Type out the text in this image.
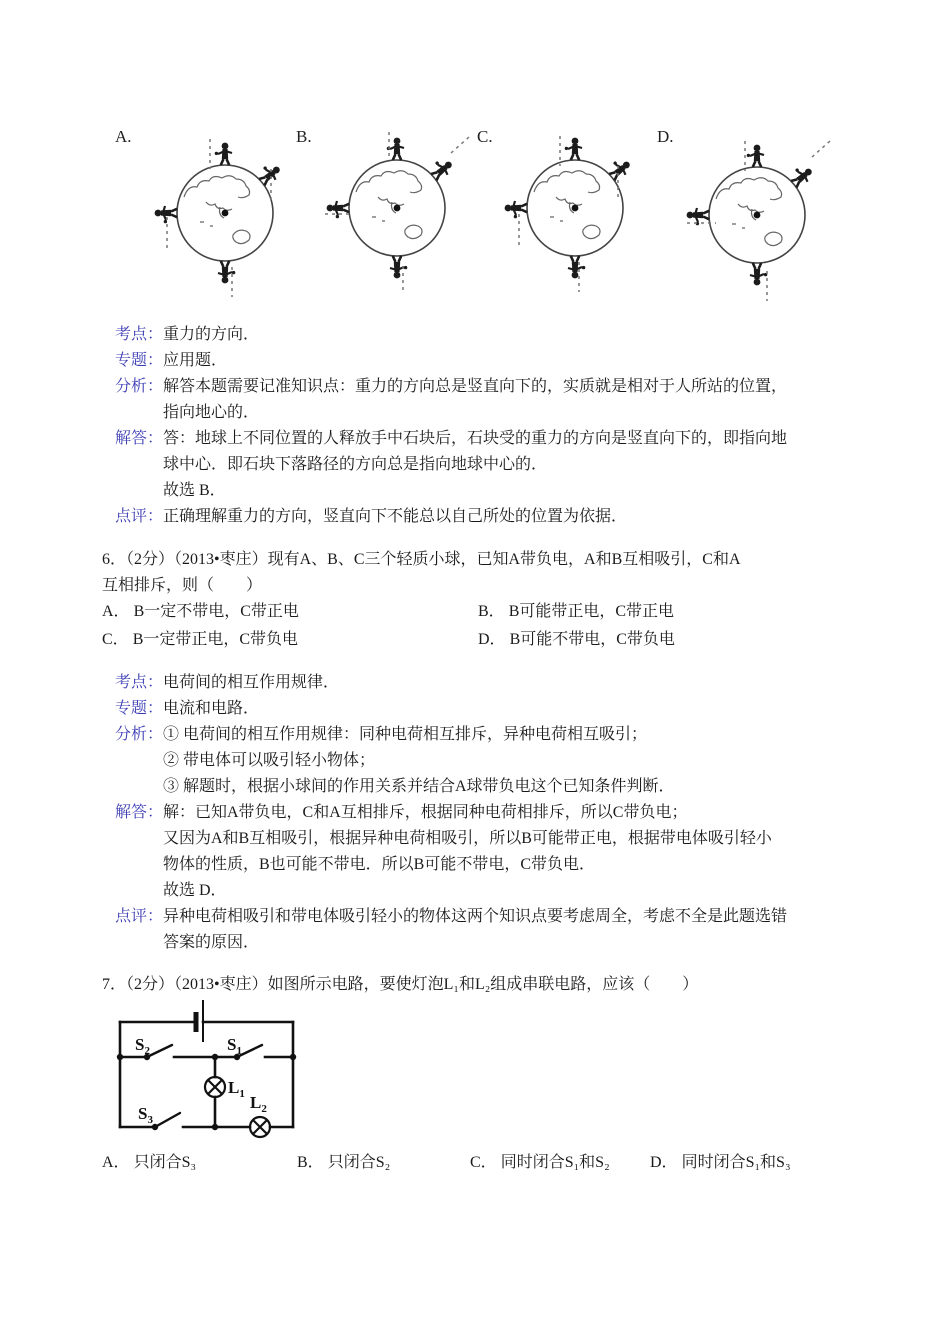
A.	B.	C.	D.
考点： 重力的方向．
专题： 应用题．
分析： 解答本题需要记准知识点：重力的方向总是竖直向下的，实质就是相对于人所站的位置，
指向地心的．
解答： 答：地球上不同位置的人释放手中石块后，石块受的重力的方向是竖直向下的，即指向地
球中心．即石块下落路径的方向总是指向地球中心的．
故选 B．
点评： 正确理解重力的方向，竖直向下不能总以自己所处的位置为依据．
6．（2分）（2013•枣庄）现有A、B、C三个轻质小球，已知A带负电，A和B互相吸引，C和A
互相排斥，则（　　）
A． B一定不带电，C带正电	B． B可能带正电，C带正电
C． B一定带正电，C带负电	D． B可能不带电，C带负电
考点： 电荷间的相互作用规律．
专题： 电流和电路．
分析： ① 电荷间的相互作用规律：同种电荷相互排斥，异种电荷相互吸引；
② 带电体可以吸引轻小物体；
③ 解题时，根据小球间的作用关系并结合A球带负电这个已知条件判断．
解答： 解：已知A带负电，C和A互相排斥，根据同种电荷相排斥，所以C带负电；
又因为A和B互相吸引，根据异种电荷相吸引，所以B可能带正电，根据带电体吸引轻小
物体的性质，B也可能不带电．所以B可能不带电，C带负电．
故选 D．
点评： 异种电荷相吸引和带电体吸引轻小的物体这两个知识点要考虑周全，考虑不全是此题选错
答案的原因．
7．（2分）（2013•枣庄）如图所示电路，要使灯泡L₁和L₂组成串联电路，应该（　　）
$S_2$	$S_1$
$L_1$
$S_3$
$L_2$
A． 只闭合S₃	B． 只闭合S₂	C． 同时闭合S₁和S₂	D． 同时闭合S₁和S₃
